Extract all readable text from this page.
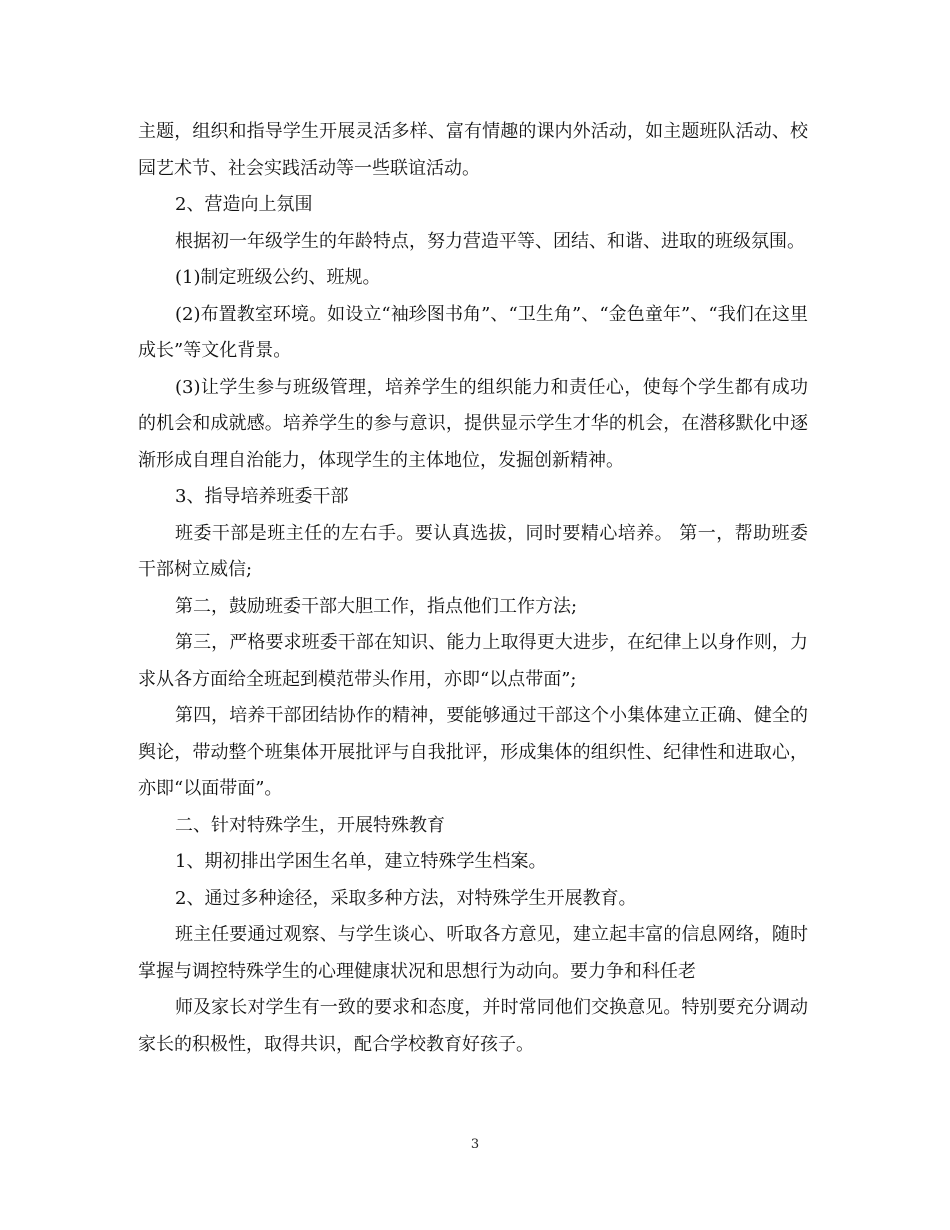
主题，组织和指导学生开展灵活多样、富有情趣的课内外活动，如主题班队活动、校园艺术节、社会实践活动等一些联谊活动。

2、营造向上氛围

根据初一年级学生的年龄特点，努力营造平等、团结、和谐、进取的班级氛围。

(1)制定班级公约、班规。

(2)布置教室环境。如设立“袖珍图书角”、“卫生角”、“金色童年”、“我们在这里成长”等文化背景。

(3)让学生参与班级管理，培养学生的组织能力和责任心，使每个学生都有成功的机会和成就感。培养学生的参与意识，提供显示学生才华的机会，在潜移默化中逐渐形成自理自治能力，体现学生的主体地位，发掘创新精神。

3、指导培养班委干部

班委干部是班主任的左右手。要认真选拔，同时要精心培养。 第一，帮助班委干部树立威信;

第二，鼓励班委干部大胆工作，指点他们工作方法;

第三，严格要求班委干部在知识、能力上取得更大进步，在纪律上以身作则，力求从各方面给全班起到模范带头作用，亦即“以点带面”;

第四，培养干部团结协作的精神，要能够通过干部这个小集体建立正确、健全的舆论，带动整个班集体开展批评与自我批评，形成集体的组织性、纪律性和进取心，亦即“以面带面”。

二、针对特殊学生，开展特殊教育

1、期初排出学困生名单，建立特殊学生档案。

2、通过多种途径，采取多种方法，对特殊学生开展教育。

班主任要通过观察、与学生谈心、听取各方意见，建立起丰富的信息网络，随时掌握与调控特殊学生的心理健康状况和思想行为动向。要力争和科任老

师及家长对学生有一致的要求和态度，并时常同他们交换意见。特别要充分调动家长的积极性，取得共识，配合学校教育好孩子。

3
